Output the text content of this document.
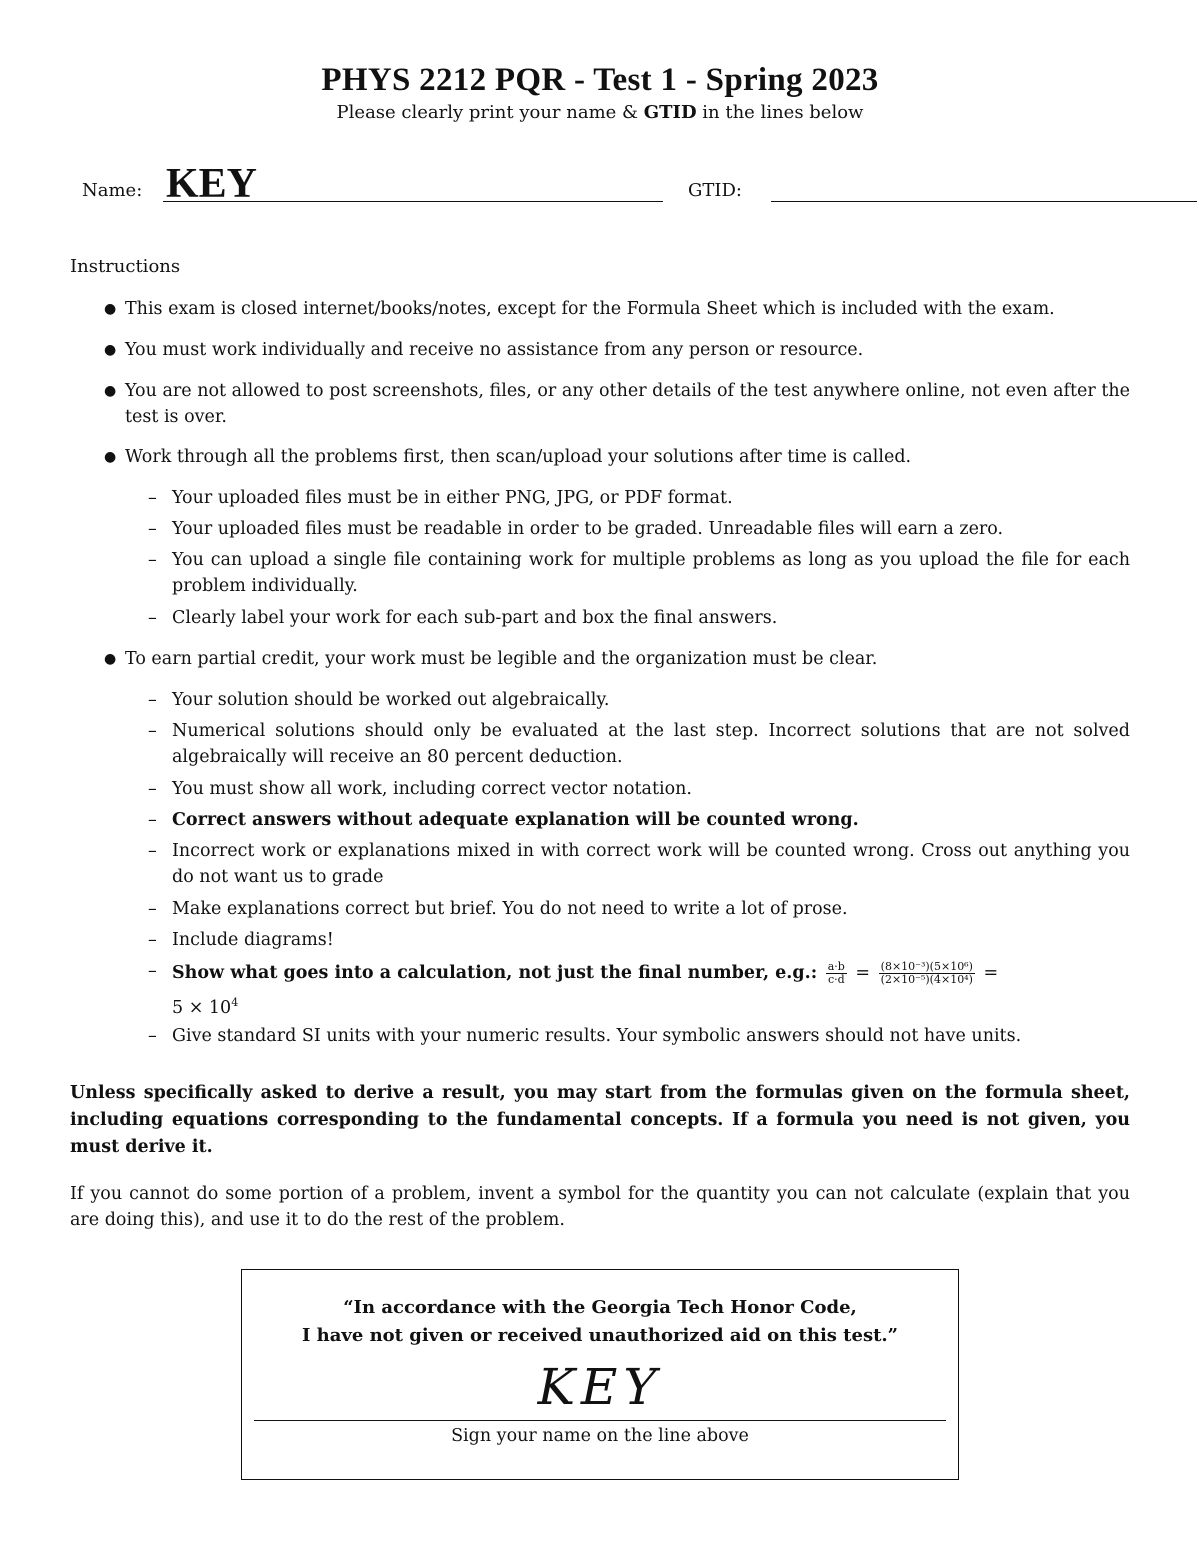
PHYS 2212 PQR - Test 1 - Spring 2023
Please clearly print your name & GTID in the lines below
Name: KEY	GTID:
Instructions
● This exam is closed internet/books/notes, except for the Formula Sheet which is included with the exam.
● You must work individually and receive no assistance from any person or resource.
● You are not allowed to post screenshots, files, or any other details of the test anywhere online, not even after the test is over.
● Work through all the problems first, then scan/upload your solutions after time is called.
– Your uploaded files must be in either PNG, JPG, or PDF format.
– Your uploaded files must be readable in order to be graded. Unreadable files will earn a zero.
– You can upload a single file containing work for multiple problems as long as you upload the file for each problem individually.
– Clearly label your work for each sub-part and box the final answers.
● To earn partial credit, your work must be legible and the organization must be clear.
– Your solution should be worked out algebraically.
– Numerical solutions should only be evaluated at the last step. Incorrect solutions that are not solved algebraically will receive an 80 percent deduction.
– You must show all work, including correct vector notation.
– Correct answers without adequate explanation will be counted wrong.
– Incorrect work or explanations mixed in with correct work will be counted wrong. Cross out anything you do not want us to grade
– Make explanations correct but brief. You do not need to write a lot of prose.
– Include diagrams!
– Show what goes into a calculation, not just the final number, e.g.: $\frac{a\cdot b}{c\cdot d} = \frac{\text{(8×10⁻³)(5×10⁶)}}{\text{(2×10⁻⁵)(4×10⁴)}}$ =
$5 \times 10^4$
– Give standard SI units with your numeric results. Your symbolic answers should not have units.
Unless specifically asked to derive a result, you may start from the formulas given on the formula sheet, including equations corresponding to the fundamental concepts. If a formula you need is not given, you must derive it.
If you cannot do some portion of a problem, invent a symbol for the quantity you can not calculate (explain that you are doing this), and use it to do the rest of the problem.
“In accordance with the Georgia Tech Honor Code,
I have not given or received unauthorized aid on this test.”
KEY
Sign your name on the line above
